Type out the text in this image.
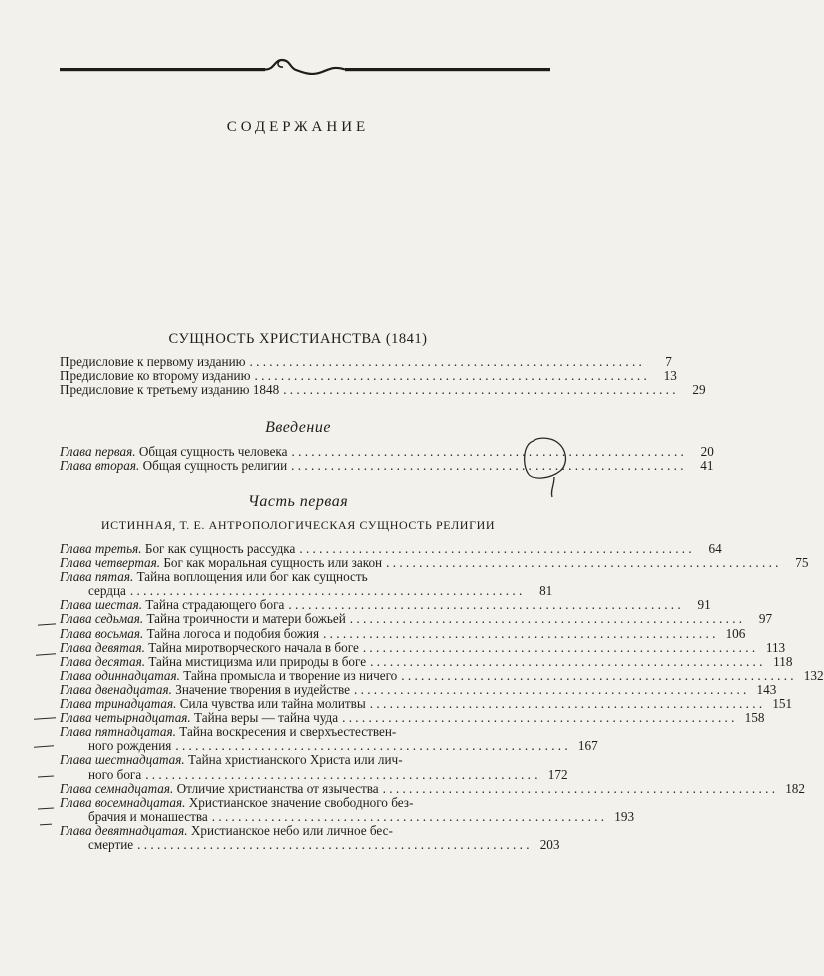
СОДЕРЖАНИЕ
СУЩНОСТЬ ХРИСТИАНСТВА (1841)
Предисловие к первому изданию . . .	7
Предисловие ко второму изданию . . .	13
Предисловие к третьему изданию 1848 . . .	29
Введение
Глава первая. Общая сущность человека . . .	20
Глава вторая. Общая сущность религии . . .	41
Часть первая
ИСТИННАЯ, Т. Е. АНТРОПОЛОГИЧЕСКАЯ СУЩНОСТЬ РЕЛИГИИ
Глава третья. Бог как сущность рассудка . . .	64
Глава четвертая. Бог как моральная сущность или закон . . .	75
Глава пятая. Тайна воплощения или бог как сущность
сердца . . .	81
Глава шестая. Тайна страдающего бога . . .	91
Глава седьмая. Тайна троичности и матери божьей . . .	97
Глава восьмая. Тайна логоса и подобия божия . . .	106
Глава девятая. Тайна миротворческого начала в боге . . .	113
Глава десятая. Тайна мистицизма или природы в боге . . .	118
Глава одиннадцатая. Тайна промысла и творение из ничего . . .	132
Глава двенадцатая. Значение творения в иудействе . . .	143
Глава тринадцатая. Сила чувства или тайна молитвы . . .	151
Глава четырнадцатая. Тайна веры — тайна чуда . . .	158
Глава пятнадцатая. Тайна воскресения и сверхъестествен-
ного рождения . . .	167
Глава шестнадцатая. Тайна христианского Христа или лич-
ного бога . . .	172
Глава семнадцатая. Отличие христианства от язычества . . .	182
Глава восемнадцатая. Христианское значение свободного без-
брачия и монашества . . .	193
Глава девятнадцатая. Христианское небо или личное бес-
смертие . . .	203
